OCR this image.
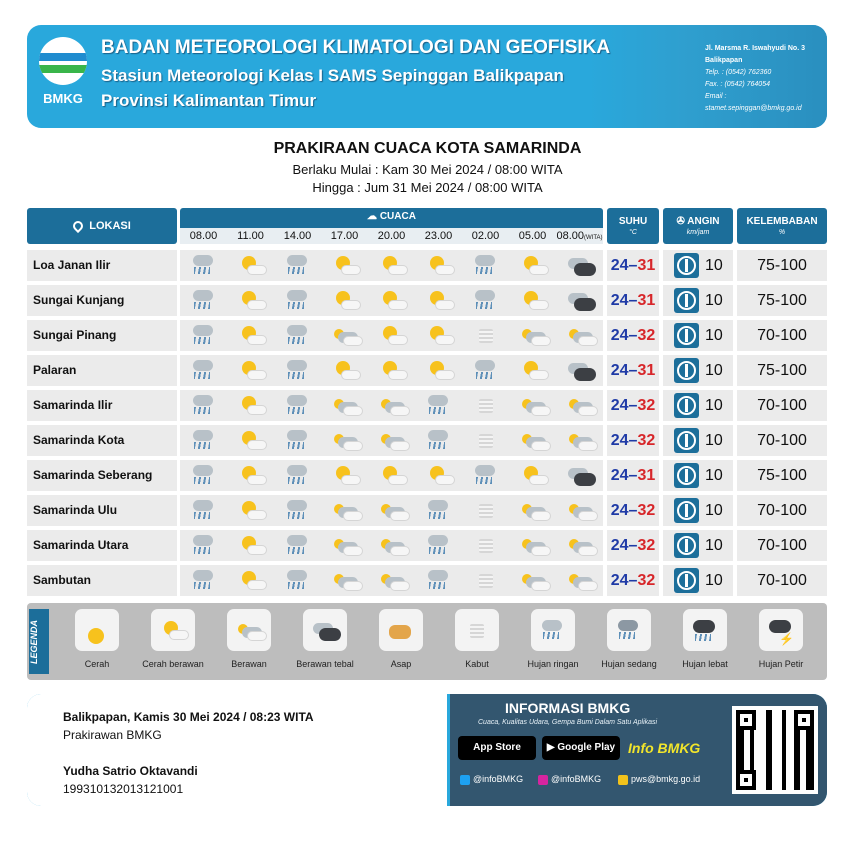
BMKG
BADAN METEOROLOGI KLIMATOLOGI DAN GEOFISIKA
Stasiun Meteorologi Kelas I SAMS Sepinggan Balikpapan
Provinsi Kalimantan Timur
Jl. Marsma R. Iswahyudi No. 3
Balikpapan
Telp. : (0542) 762360
Fax. : (0542) 764054
Email :
stamet.sepinggan@bmkg.go.id
PRAKIRAAN CUACA KOTA SAMARINDA
Berlaku Mulai : Kam 30 Mei 2024 / 08:00 WITA
Hingga : Jum 31 Mei 2024 / 08:00 WITA
LOKASI
☁ CUACA
08.00	11.00	14.00	17.00	20.00	23.00	02.00	05.00 08.00(WITA)
SUHU
°C
✇ ANGIN
km/jam
KELEMBABAN
%
Loa Janan Ilir	24–31	10	75-100
Sungai Kunjang	24–31	10	75-100
Sungai Pinang	24–32	10	70-100
Palaran	24–31	10	75-100
Samarinda Ilir	24–32	10	70-100
Samarinda Kota	24–32	10	70-100
Samarinda Seberang	24–31	10	75-100
Samarinda Ulu	24–32	10	70-100
Samarinda Utara	24–32	10	70-100
Sambutan	24–32	10	70-100
LEGENDA
Cerah	Cerah berawan	Berawan	Berawan tebal	Asap	Kabut	Hujan ringan	Hujan sedang	Hujan lebat
⚡
Hujan Petir
Balikpapan, Kamis 30 Mei 2024 / 08:23 WITA
Prakirawan BMKG
Yudha Satrio Oktavandi
199310132013121001
INFORMASI BMKG
Cuaca, Kualitas Udara, Gempa Bumi Dalam Satu Aplikasi
App Store	▶ Google Play Info BMKG
@infoBMKG	@infoBMKG	pws@bmkg.go.id
